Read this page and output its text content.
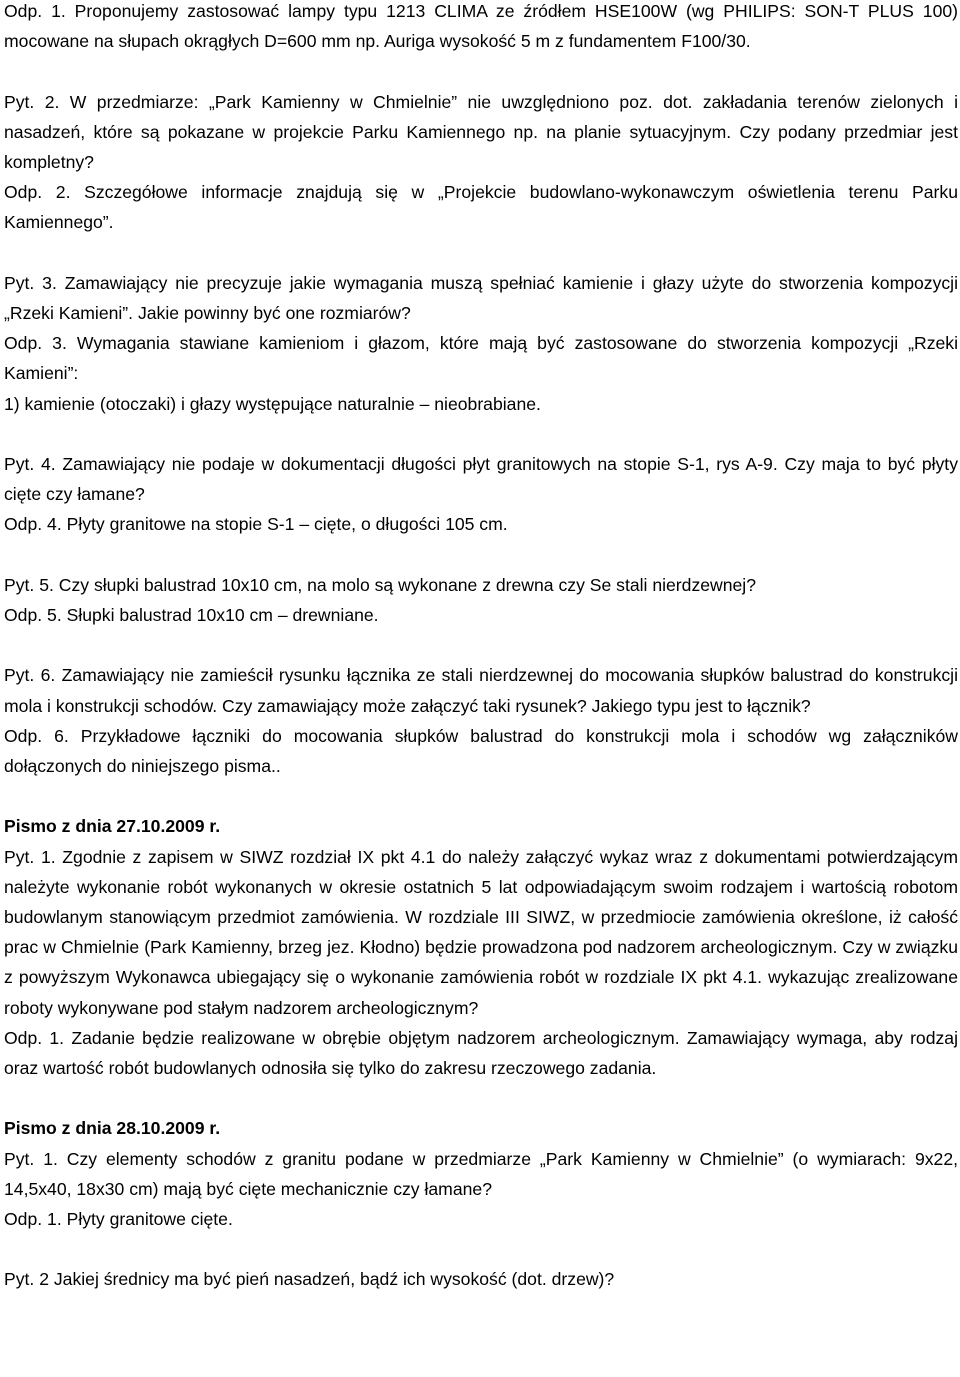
Odp. 1. Proponujemy zastosować lampy typu 1213 CLIMA ze źródłem HSE100W (wg PHILIPS: SON-T PLUS 100) mocowane na słupach okrągłych D=600 mm np. Auriga wysokość 5 m z fundamentem F100/30.

Pyt. 2. W przedmiarze: „Park Kamienny w Chmielnie” nie uwzględniono poz. dot. zakładania terenów zielonych i nasadzeń, które są pokazane w projekcie Parku Kamiennego np. na planie sytuacyjnym. Czy podany przedmiar jest kompletny?

Odp. 2. Szczegółowe informacje znajdują się w „Projekcie budowlano-wykonawczym oświetlenia terenu Parku Kamiennego”.

Pyt. 3. Zamawiający nie precyzuje jakie wymagania muszą spełniać kamienie i głazy użyte do stworzenia kompozycji „Rzeki Kamieni”. Jakie powinny być one rozmiarów?

Odp. 3. Wymagania stawiane kamieniom i głazom, które mają być zastosowane do stworzenia kompozycji „Rzeki Kamieni”:

1) kamienie (otoczaki) i głazy występujące naturalnie – nieobrabiane.

Pyt. 4. Zamawiający nie podaje w dokumentacji długości płyt granitowych na stopie S-1, rys A-9. Czy maja to być płyty cięte czy łamane?

Odp. 4. Płyty granitowe na stopie S-1 – cięte, o długości 105 cm.

Pyt. 5. Czy słupki balustrad 10x10 cm, na molo są wykonane z drewna czy Se stali nierdzewnej?

Odp. 5. Słupki balustrad 10x10 cm – drewniane.

Pyt. 6. Zamawiający nie zamieścił rysunku łącznika ze stali nierdzewnej do mocowania słupków balustrad do konstrukcji mola i konstrukcji schodów. Czy zamawiający może załączyć taki rysunek? Jakiego typu jest to łącznik?

Odp. 6. Przykładowe łączniki do mocowania słupków balustrad do konstrukcji mola i schodów wg załączników dołączonych do niniejszego pisma..

Pismo z dnia 27.10.2009 r.

Pyt. 1. Zgodnie z zapisem w SIWZ rozdział IX pkt 4.1 do należy załączyć wykaz wraz z dokumentami potwierdzającym należyte wykonanie robót wykonanych w okresie ostatnich 5 lat odpowiadającym swoim rodzajem i wartością robotom budowlanym stanowiącym przedmiot zamówienia. W rozdziale III SIWZ, w przedmiocie zamówienia określone, iż całość prac w Chmielnie (Park Kamienny, brzeg jez. Kłodno) będzie prowadzona pod nadzorem archeologicznym. Czy w związku z powyższym Wykonawca ubiegający się o wykonanie zamówienia robót w rozdziale IX pkt 4.1. wykazując zrealizowane roboty wykonywane pod stałym nadzorem archeologicznym?

Odp. 1. Zadanie będzie realizowane w obrębie objętym nadzorem archeologicznym. Zamawiający wymaga, aby rodzaj oraz wartość robót budowlanych odnosiła się tylko do zakresu rzeczowego zadania.

Pismo z dnia 28.10.2009 r.

Pyt. 1. Czy elementy schodów z granitu podane w przedmiarze „Park Kamienny w Chmielnie” (o wymiarach: 9x22, 14,5x40, 18x30 cm) mają być cięte mechanicznie czy łamane?

Odp. 1. Płyty granitowe cięte.

Pyt. 2 Jakiej średnicy ma być pień nasadzeń, bądź ich wysokość (dot. drzew)?
